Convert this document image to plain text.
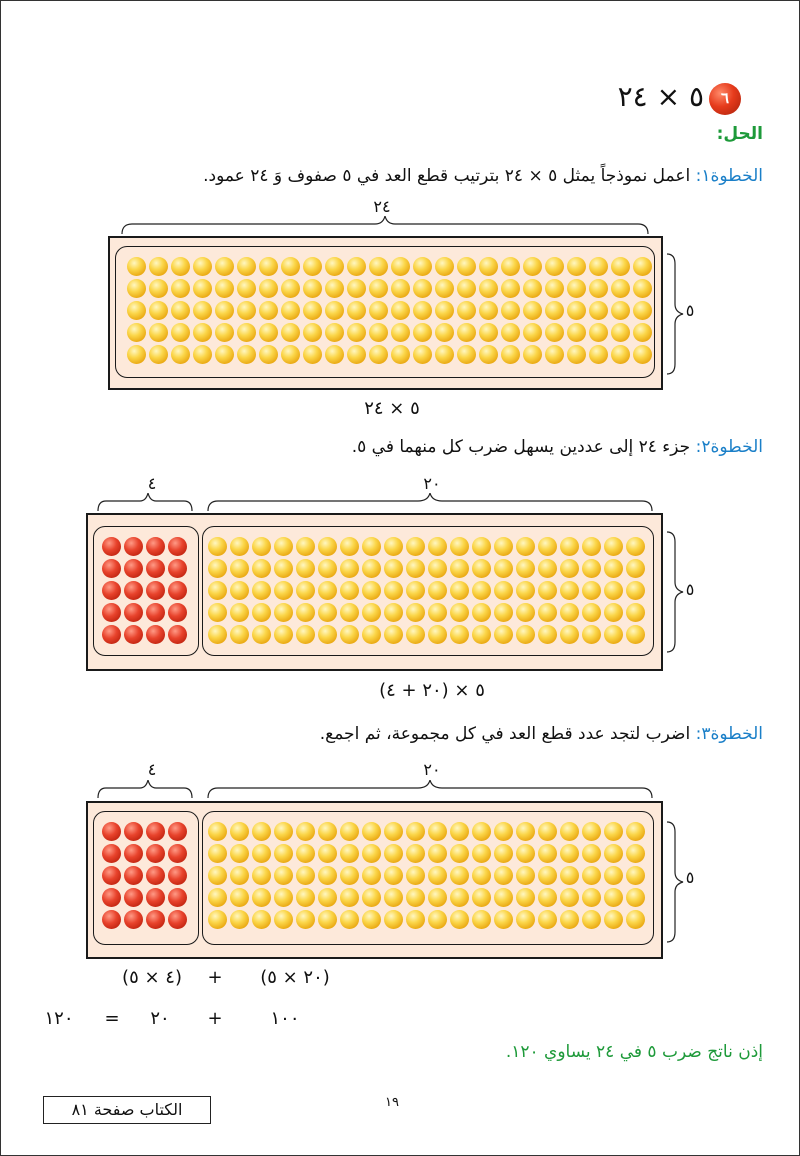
٦
٥ × ٢٤
الحل:
الخطوة١: اعمل نموذجاً يمثل ٥ × ٢٤ بترتيب قطع العد في ٥ صفوف وَ ٢٤ عمود.
٢٤
٥
٥ × ٢٤
الخطوة٢: جزء ٢٤ إلى عددين يسهل ضرب كل منهما في ٥.
٤	٢٠
٥
٥ × (٢٠ + ٤)
الخطوة٣: اضرب لتجد عدد قطع العد في كل مجموعة، ثم اجمع.
٤	٢٠
٥
(٢٠ × ٥)
+
(٤ × ٥)
١٠٠
+
٢٠
=
١٢٠
إذن ناتج ضرب ٥ في ٢٤ يساوي ١٢٠.
الكتاب صفحة ٨١	١٩
